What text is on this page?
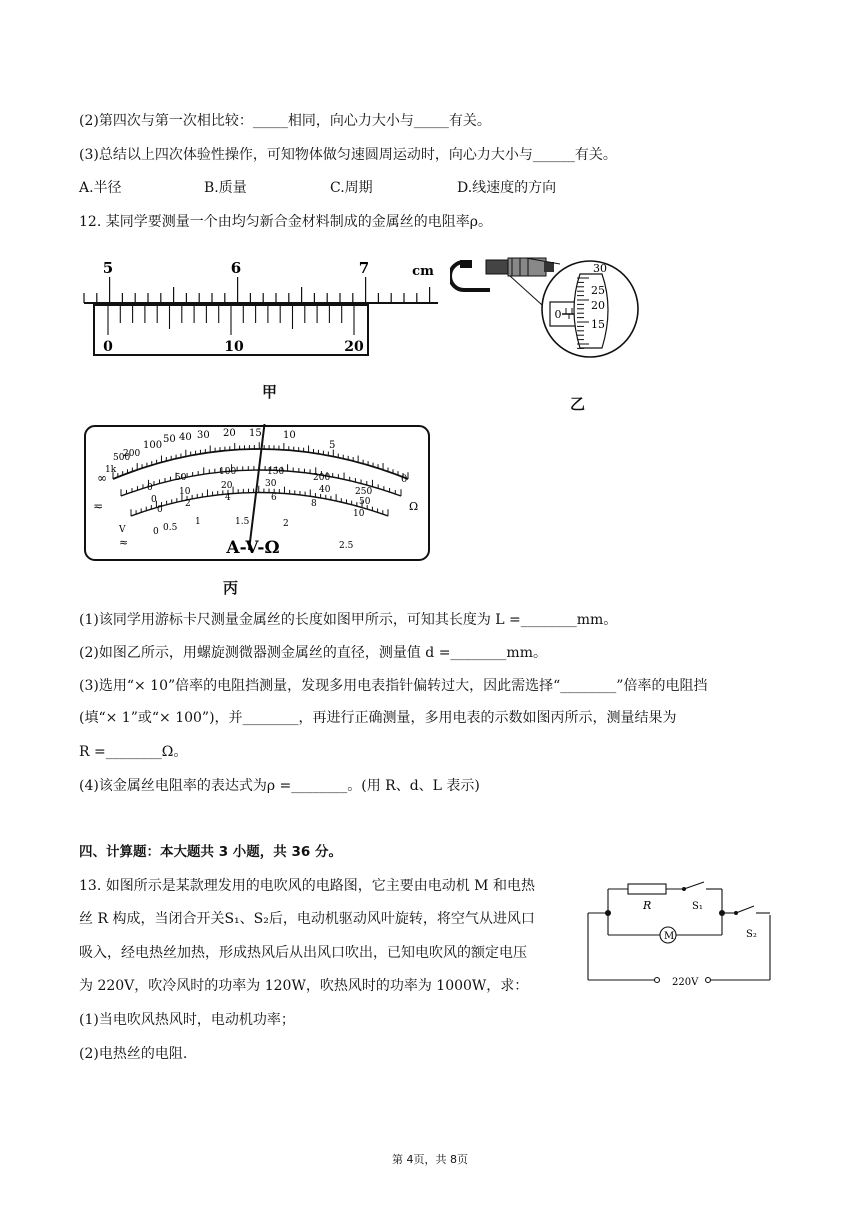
(2)第四次与第一次相比较：_____相同，向心力大小与_____有关。
(3)总结以上四次体验性操作，可知物体做匀速圆周运动时，向心力大小与______有关。
A.半径	B.质量	C.周期	D.线速度的方向
12. 某同学要测量一个由均匀新合金材料制成的金属丝的电阻率ρ。
5	6	7	cm
0	10	20
甲
0
30
25
20
15
乙
∞
1k
500
200
100
50 40 30 20 15 10
5
0
Ω
≂
0
50
100	150
200
250
0
10
20	30
40
50
0
2
4	6
8
10
0 0.5
1	1.5	2
2.5
V
≈	A-V-Ω
丙
(1)该同学用游标卡尺测量金属丝的长度如图甲所示，可知其长度为 L =________mm。
(2)如图乙所示，用螺旋测微器测金属丝的直径，测量值 d =________mm。
(3)选用“× 10”倍率的电阻挡测量，发现多用电表指针偏转过大，因此需选择“________”倍率的电阻挡
(填“× 1”或“× 100”)，并________，再进行正确测量，多用电表的示数如图丙所示，测量结果为
R =________Ω。
(4)该金属丝电阻率的表达式为ρ =________。(用 R、d、L 表示)
四、计算题：本大题共 3 小题，共 36 分。
13. 如图所示是某款理发用的电吹风的电路图，它主要由电动机 M 和电热
丝 R 构成，当闭合开关S₁、S₂后，电动机驱动风叶旋转，将空气从进风口
吸入，经电热丝加热，形成热风后从出风口吹出，已知电吹风的额定电压
为 220V，吹冷风时的功率为 120W，吹热风时的功率为 1000W，求：
(1)当电吹风热风时，电动机功率；
(2)电热丝的电阻.
R	S₁
M	S₂
220V
第 4页，共 8页
